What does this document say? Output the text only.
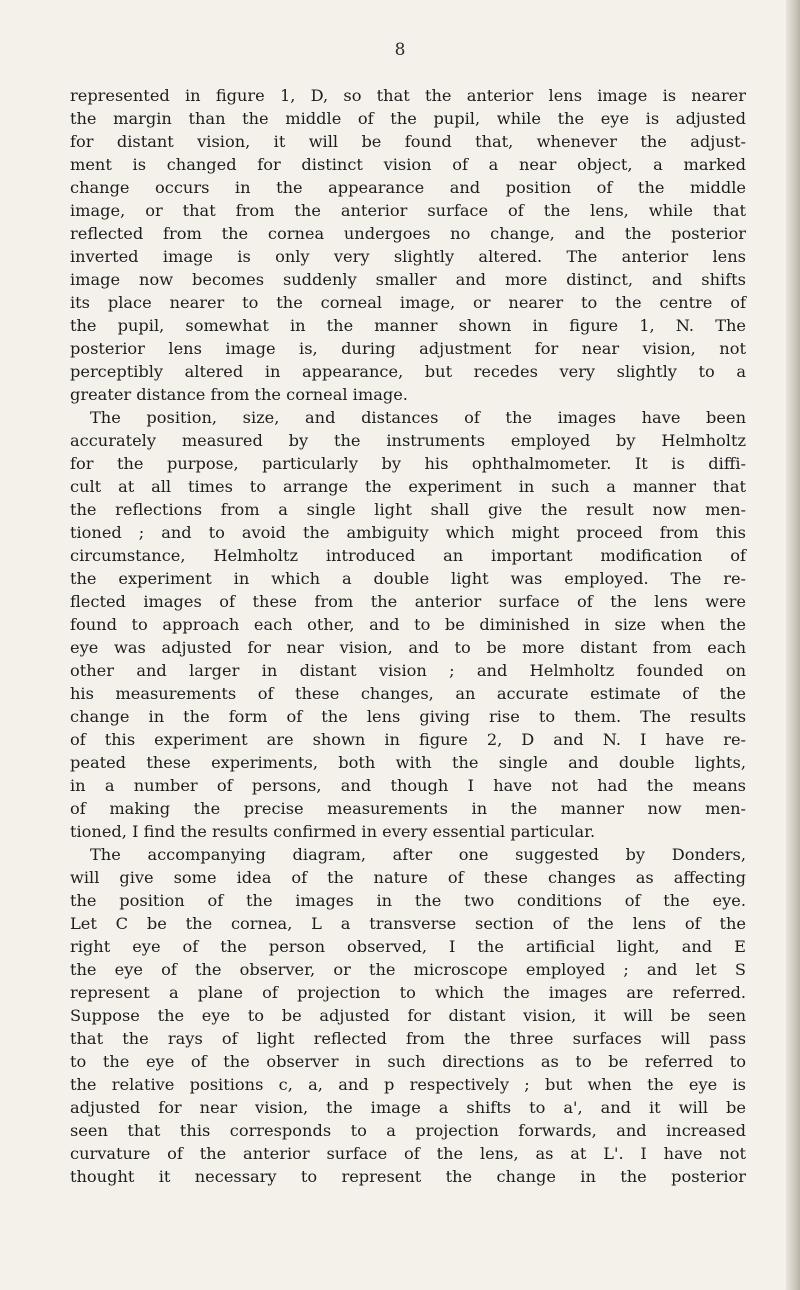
8
represented in figure 1, D, so that the anterior lens image is nearer
the margin than the middle of the pupil, while the eye is adjusted
for distant vision, it will be found that, whenever the adjust-
ment is changed for distinct vision of a near object, a marked
change occurs in the appearance and position of the middle
image, or that from the anterior surface of the lens, while that
reflected from the cornea undergoes no change, and the posterior
inverted image is only very slightly altered. The anterior lens
image now becomes suddenly smaller and more distinct, and shifts
its place nearer to the corneal image, or nearer to the centre of
the pupil, somewhat in the manner shown in figure 1, N. The
posterior lens image is, during adjustment for near vision, not
perceptibly altered in appearance, but recedes very slightly to a
greater distance from the corneal image.
The position, size, and distances of the images have been
accurately measured by the instruments employed by Helmholtz
for the purpose, particularly by his ophthalmometer. It is diffi-
cult at all times to arrange the experiment in such a manner that
the reflections from a single light shall give the result now men-
tioned ; and to avoid the ambiguity which might proceed from this
circumstance, Helmholtz introduced an important modification of
the experiment in which a double light was employed. The re-
flected images of these from the anterior surface of the lens were
found to approach each other, and to be diminished in size when the
eye was adjusted for near vision, and to be more distant from each
other and larger in distant vision ; and Helmholtz founded on
his measurements of these changes, an accurate estimate of the
change in the form of the lens giving rise to them. The results
of this experiment are shown in figure 2, D and N. I have re-
peated these experiments, both with the single and double lights,
in a number of persons, and though I have not had the means
of making the precise measurements in the manner now men-
tioned, I find the results confirmed in every essential particular.
The accompanying diagram, after one suggested by Donders,
will give some idea of the nature of these changes as affecting
the position of the images in the two conditions of the eye.
Let C be the cornea, L a transverse section of the lens of the
right eye of the person observed, I the artificial light, and E
the eye of the observer, or the microscope employed ; and let S
represent a plane of projection to which the images are referred.
Suppose the eye to be adjusted for distant vision, it will be seen
that the rays of light reflected from the three surfaces will pass
to the eye of the observer in such directions as to be referred to
the relative positions c, a, and p respectively ; but when the eye is
adjusted for near vision, the image a shifts to a', and it will be
seen that this corresponds to a projection forwards, and increased
curvature of the anterior surface of the lens, as at L'. I have not
thought it necessary to represent the change in the posterior
